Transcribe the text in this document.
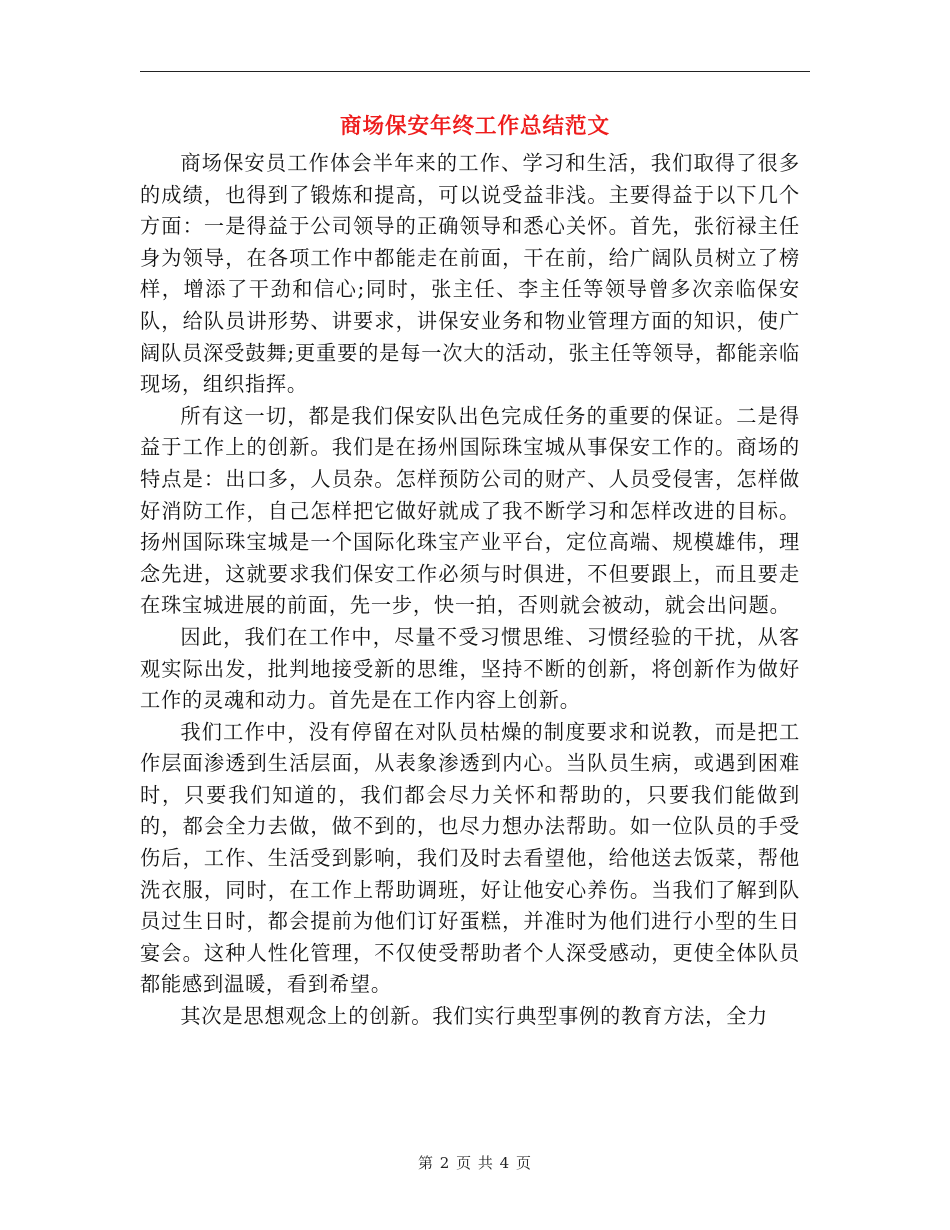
商场保安年终工作总结范文

商场保安员工作体会半年来的工作、学习和生活，我们取得了很多的成绩，也得到了锻炼和提高，可以说受益非浅。主要得益于以下几个方面：一是得益于公司领导的正确领导和悉心关怀。首先，张衍禄主任身为领导，在各项工作中都能走在前面，干在前，给广阔队员树立了榜样，增添了干劲和信心;同时，张主任、李主任等领导曾多次亲临保安队，给队员讲形势、讲要求，讲保安业务和物业管理方面的知识，使广阔队员深受鼓舞;更重要的是每一次大的活动，张主任等领导，都能亲临现场，组织指挥。

所有这一切，都是我们保安队出色完成任务的重要的保证。二是得益于工作上的创新。我们是在扬州国际珠宝城从事保安工作的。商场的特点是：出口多，人员杂。怎样预防公司的财产、人员受侵害，怎样做好消防工作，自己怎样把它做好就成了我不断学习和怎样改进的目标。扬州国际珠宝城是一个国际化珠宝产业平台，定位高端、规模雄伟，理念先进，这就要求我们保安工作必须与时俱进，不但要跟上，而且要走在珠宝城进展的前面，先一步，快一拍，否则就会被动，就会出问题。

因此，我们在工作中，尽量不受习惯思维、习惯经验的干扰，从客观实际出发，批判地接受新的思维，坚持不断的创新，将创新作为做好工作的灵魂和动力。首先是在工作内容上创新。

我们工作中，没有停留在对队员枯燥的制度要求和说教，而是把工作层面渗透到生活层面，从表象渗透到内心。当队员生病，或遇到困难时，只要我们知道的，我们都会尽力关怀和帮助的，只要我们能做到的，都会全力去做，做不到的，也尽力想办法帮助。如一位队员的手受伤后，工作、生活受到影响，我们及时去看望他，给他送去饭菜，帮他洗衣服，同时，在工作上帮助调班，好让他安心养伤。当我们了解到队员过生日时，都会提前为他们订好蛋糕，并准时为他们进行小型的生日宴会。这种人性化管理，不仅使受帮助者个人深受感动，更使全体队员都能感到温暖，看到希望。

其次是思想观念上的创新。我们实行典型事例的教育方法，全力

第 2 页 共 4 页
